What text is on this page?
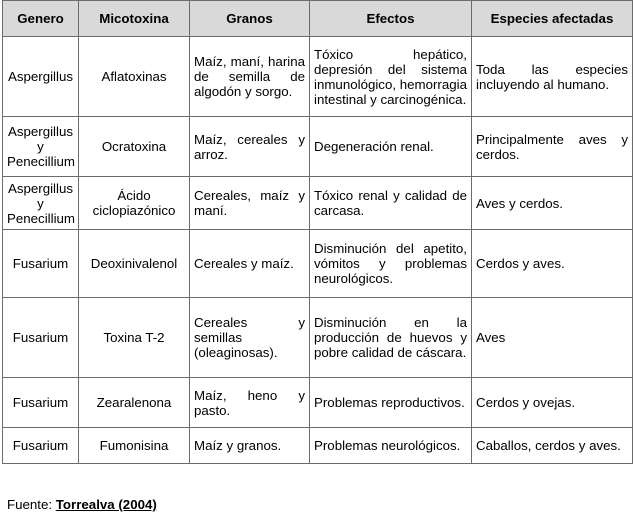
Genero	Micotoxina	Granos	Efectos	Especies afectadas
Aspergillus	Aflatoxinas	Maíz, maní, harina de semilla de algodón y sorgo.	Tóxico hepático, depresión del sistema inmunológico, hemorragia intestinal y carcinogénica.	Toda las especies incluyendo al humano.
Aspergillus y Penecillium	Ocratoxina	Maíz, cereales y arroz.	Degeneración renal.	Principalmente aves y cerdos.
Aspergillus y Penecillium	Ácido ciclopiazónico	Cereales, maíz y maní.	Tóxico renal y calidad de carcasa.	Aves y cerdos.
Fusarium	Deoxinivalenol	Cereales y maíz.	Disminución del apetito, vómitos y problemas neurológicos.	Cerdos y aves.
Fusarium	Toxina T-2	Cereales y semillas (oleaginosas).	Disminución en la producción de huevos y pobre calidad de cáscara.	Aves
Fusarium	Zearalenona	Maíz, heno y pasto.	Problemas reproductivos.	Cerdos y ovejas.
Fusarium	Fumonisina	Maíz y granos.	Problemas neurológicos.	Caballos, cerdos y aves.
Fuente: Torrealva (2004)
